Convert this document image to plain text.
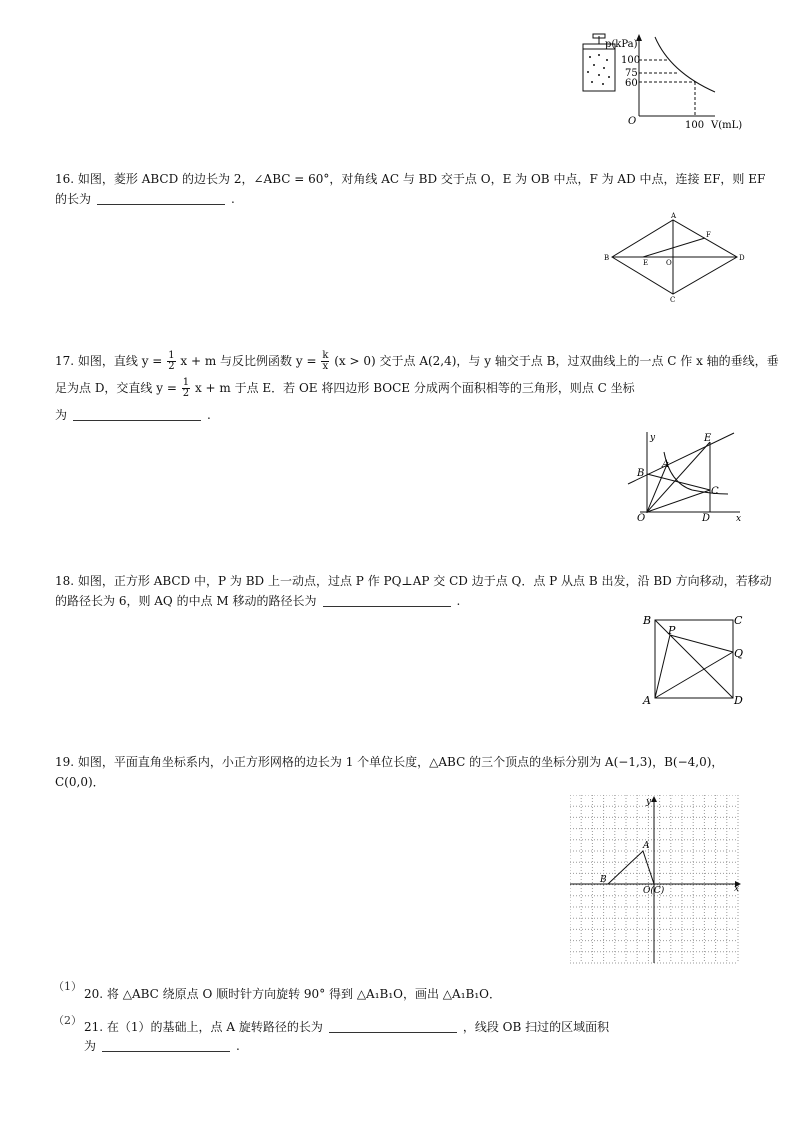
p(kPa)
100
75
60
O	100 V(mL)
16. 如图，菱形 ABCD 的边长为 2，∠ABC = 60°，对角线 AC 与 BD 交于点 O，E 为 OB 中点，F 为 AD 中点，连接 EF，则 EF
的长为	.
A
B	D
C
E	O
F
17. 如图，直线 $y = \frac{1}{2}$ x + m 与反比例函数 $y = \frac{k}{x} (x > 0)$ 交于点 A(2,4)，与 y 轴交于点 B，过双曲线上的一点 C 作 x 轴的垂线，垂
足为点 D，交直线 $y = \frac{1}{2}$ x + m 于点 E．若 OE 将四边形 BOCE 分成两个面积相等的三角形，则点 C 坐标
为	.
y
x
E
A
B
C
O	D
18. 如图，正方形 ABCD 中，P 为 BD 上一动点，过点 P 作 PQ⊥AP 交 CD 边于点 Q．点 P 从点 B 出发，沿 BD 方向移动，若移动
的路径长为 6，则 AQ 的中点 M 移动的路径长为	.
B	C
P
Q
A	D
19. 如图，平面直角坐标系内，小正方形网格的边长为 1 个单位长度，△ABC 的三个顶点的坐标分别为 A(−1,3)，B(−4,0)，
C(0,0)．
y
x
A
B
O(C)
（1）
20. 将 △ABC 绕原点 O 顺时针方向旋转 90° 得到 △A₁B₁O，画出 △A₁B₁O．
（2） 21. 在（1）的基础上，点 A 旋转路径的长为	，线段 OB 扫过的区域面积
为	.
